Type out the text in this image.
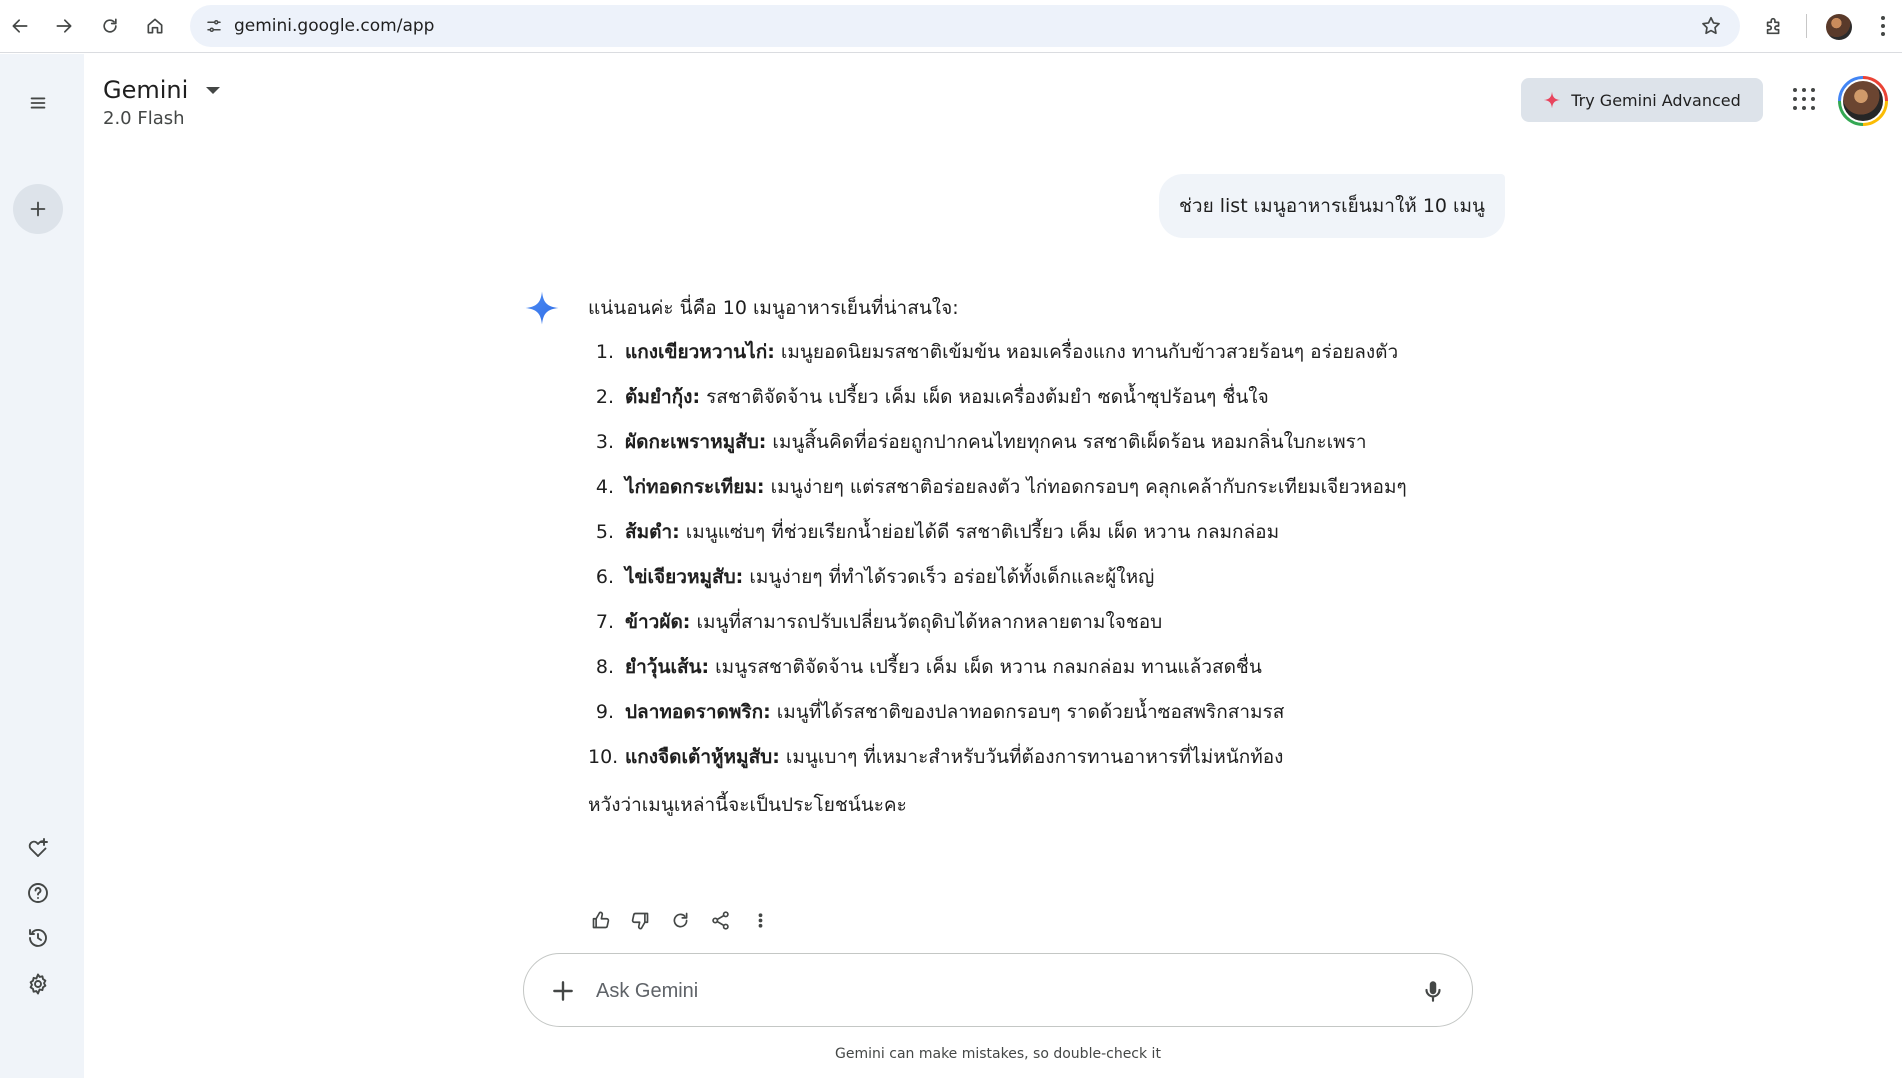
gemini.google.com/app
Gemini
2.0 Flash
Try Gemini Advanced
ช่วย list เมนูอาหารเย็นมาให้ 10 เมนู
แน่นอนค่ะ นี่คือ 10 เมนูอาหารเย็นที่น่าสนใจ:
1. แกงเขียวหวานไก่: เมนูยอดนิยมรสชาติเข้มข้น หอมเครื่องแกง ทานกับข้าวสวยร้อนๆ อร่อยลงตัว
2. ต้มยำกุ้ง: รสชาติจัดจ้าน เปรี้ยว เค็ม เผ็ด หอมเครื่องต้มยำ ซดน้ำซุปร้อนๆ ชื่นใจ
3. ผัดกะเพราหมูสับ: เมนูสิ้นคิดที่อร่อยถูกปากคนไทยทุกคน รสชาติเผ็ดร้อน หอมกลิ่นใบกะเพรา
4. ไก่ทอดกระเทียม: เมนูง่ายๆ แต่รสชาติอร่อยลงตัว ไก่ทอดกรอบๆ คลุกเคล้ากับกระเทียมเจียวหอมๆ
5. ส้มตำ: เมนูแซ่บๆ ที่ช่วยเรียกน้ำย่อยได้ดี รสชาติเปรี้ยว เค็ม เผ็ด หวาน กลมกล่อม
6. ไข่เจียวหมูสับ: เมนูง่ายๆ ที่ทำได้รวดเร็ว อร่อยได้ทั้งเด็กและผู้ใหญ่
7. ข้าวผัด: เมนูที่สามารถปรับเปลี่ยนวัตถุดิบได้หลากหลายตามใจชอบ
8. ยำวุ้นเส้น: เมนูรสชาติจัดจ้าน เปรี้ยว เค็ม เผ็ด หวาน กลมกล่อม ทานแล้วสดชื่น
9. ปลาทอดราดพริก: เมนูที่ได้รสชาติของปลาทอดกรอบๆ ราดด้วยน้ำซอสพริกสามรส
10. แกงจืดเต้าหู้หมูสับ: เมนูเบาๆ ที่เหมาะสำหรับวันที่ต้องการทานอาหารที่ไม่หนักท้อง
หวังว่าเมนูเหล่านี้จะเป็นประโยชน์นะคะ
Ask Gemini
Gemini can make mistakes, so double-check it
